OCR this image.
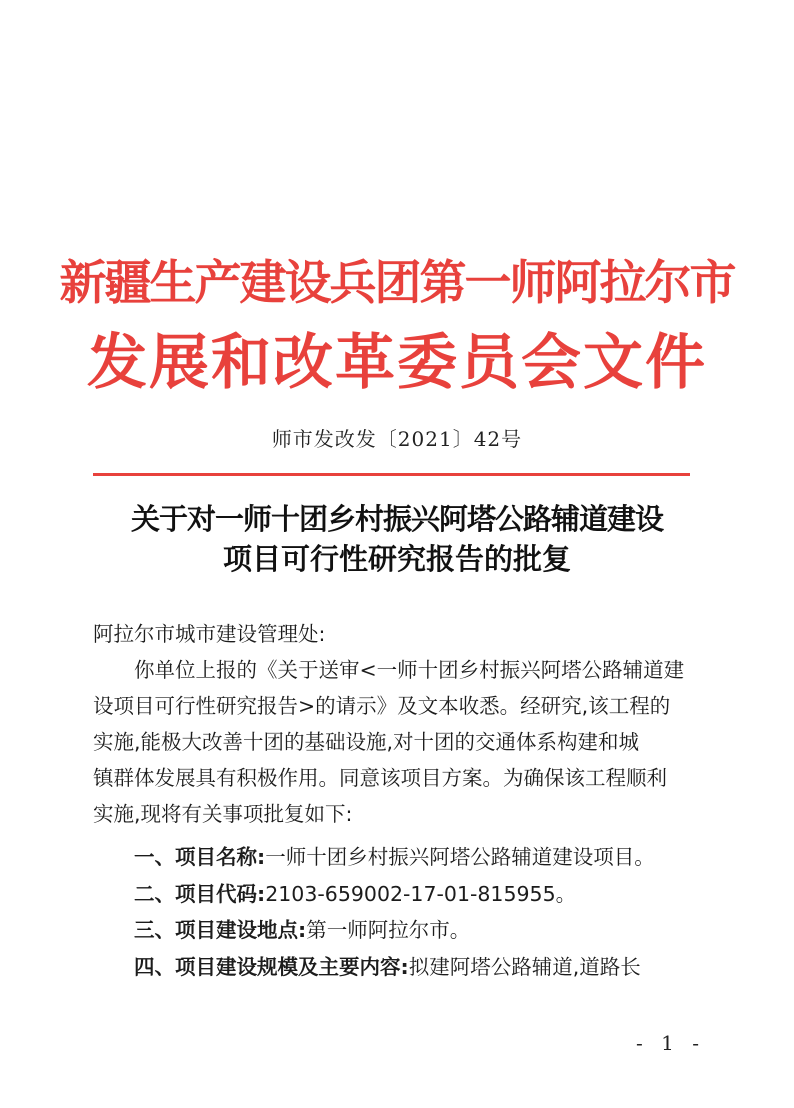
新疆生产建设兵团第一师阿拉尔市
发展和改革委员会文件
师市发改发〔2021〕42号
关于对一师十团乡村振兴阿塔公路辅道建设
项目可行性研究报告的批复
阿拉尔市城市建设管理处:
你单位上报的《关于送审<一师十团乡村振兴阿塔公路辅道建
设项目可行性研究报告>的请示》及文本收悉。经研究,该工程的
实施,能极大改善十团的基础设施,对十团的交通体系构建和城
镇群体发展具有积极作用。同意该项目方案。为确保该工程顺利
实施,现将有关事项批复如下:
一、项目名称:一师十团乡村振兴阿塔公路辅道建设项目。
二、项目代码:2103-659002-17-01-815955。
三、项目建设地点:第一师阿拉尔市。
四、项目建设规模及主要内容:拟建阿塔公路辅道,道路长
- 1 -
